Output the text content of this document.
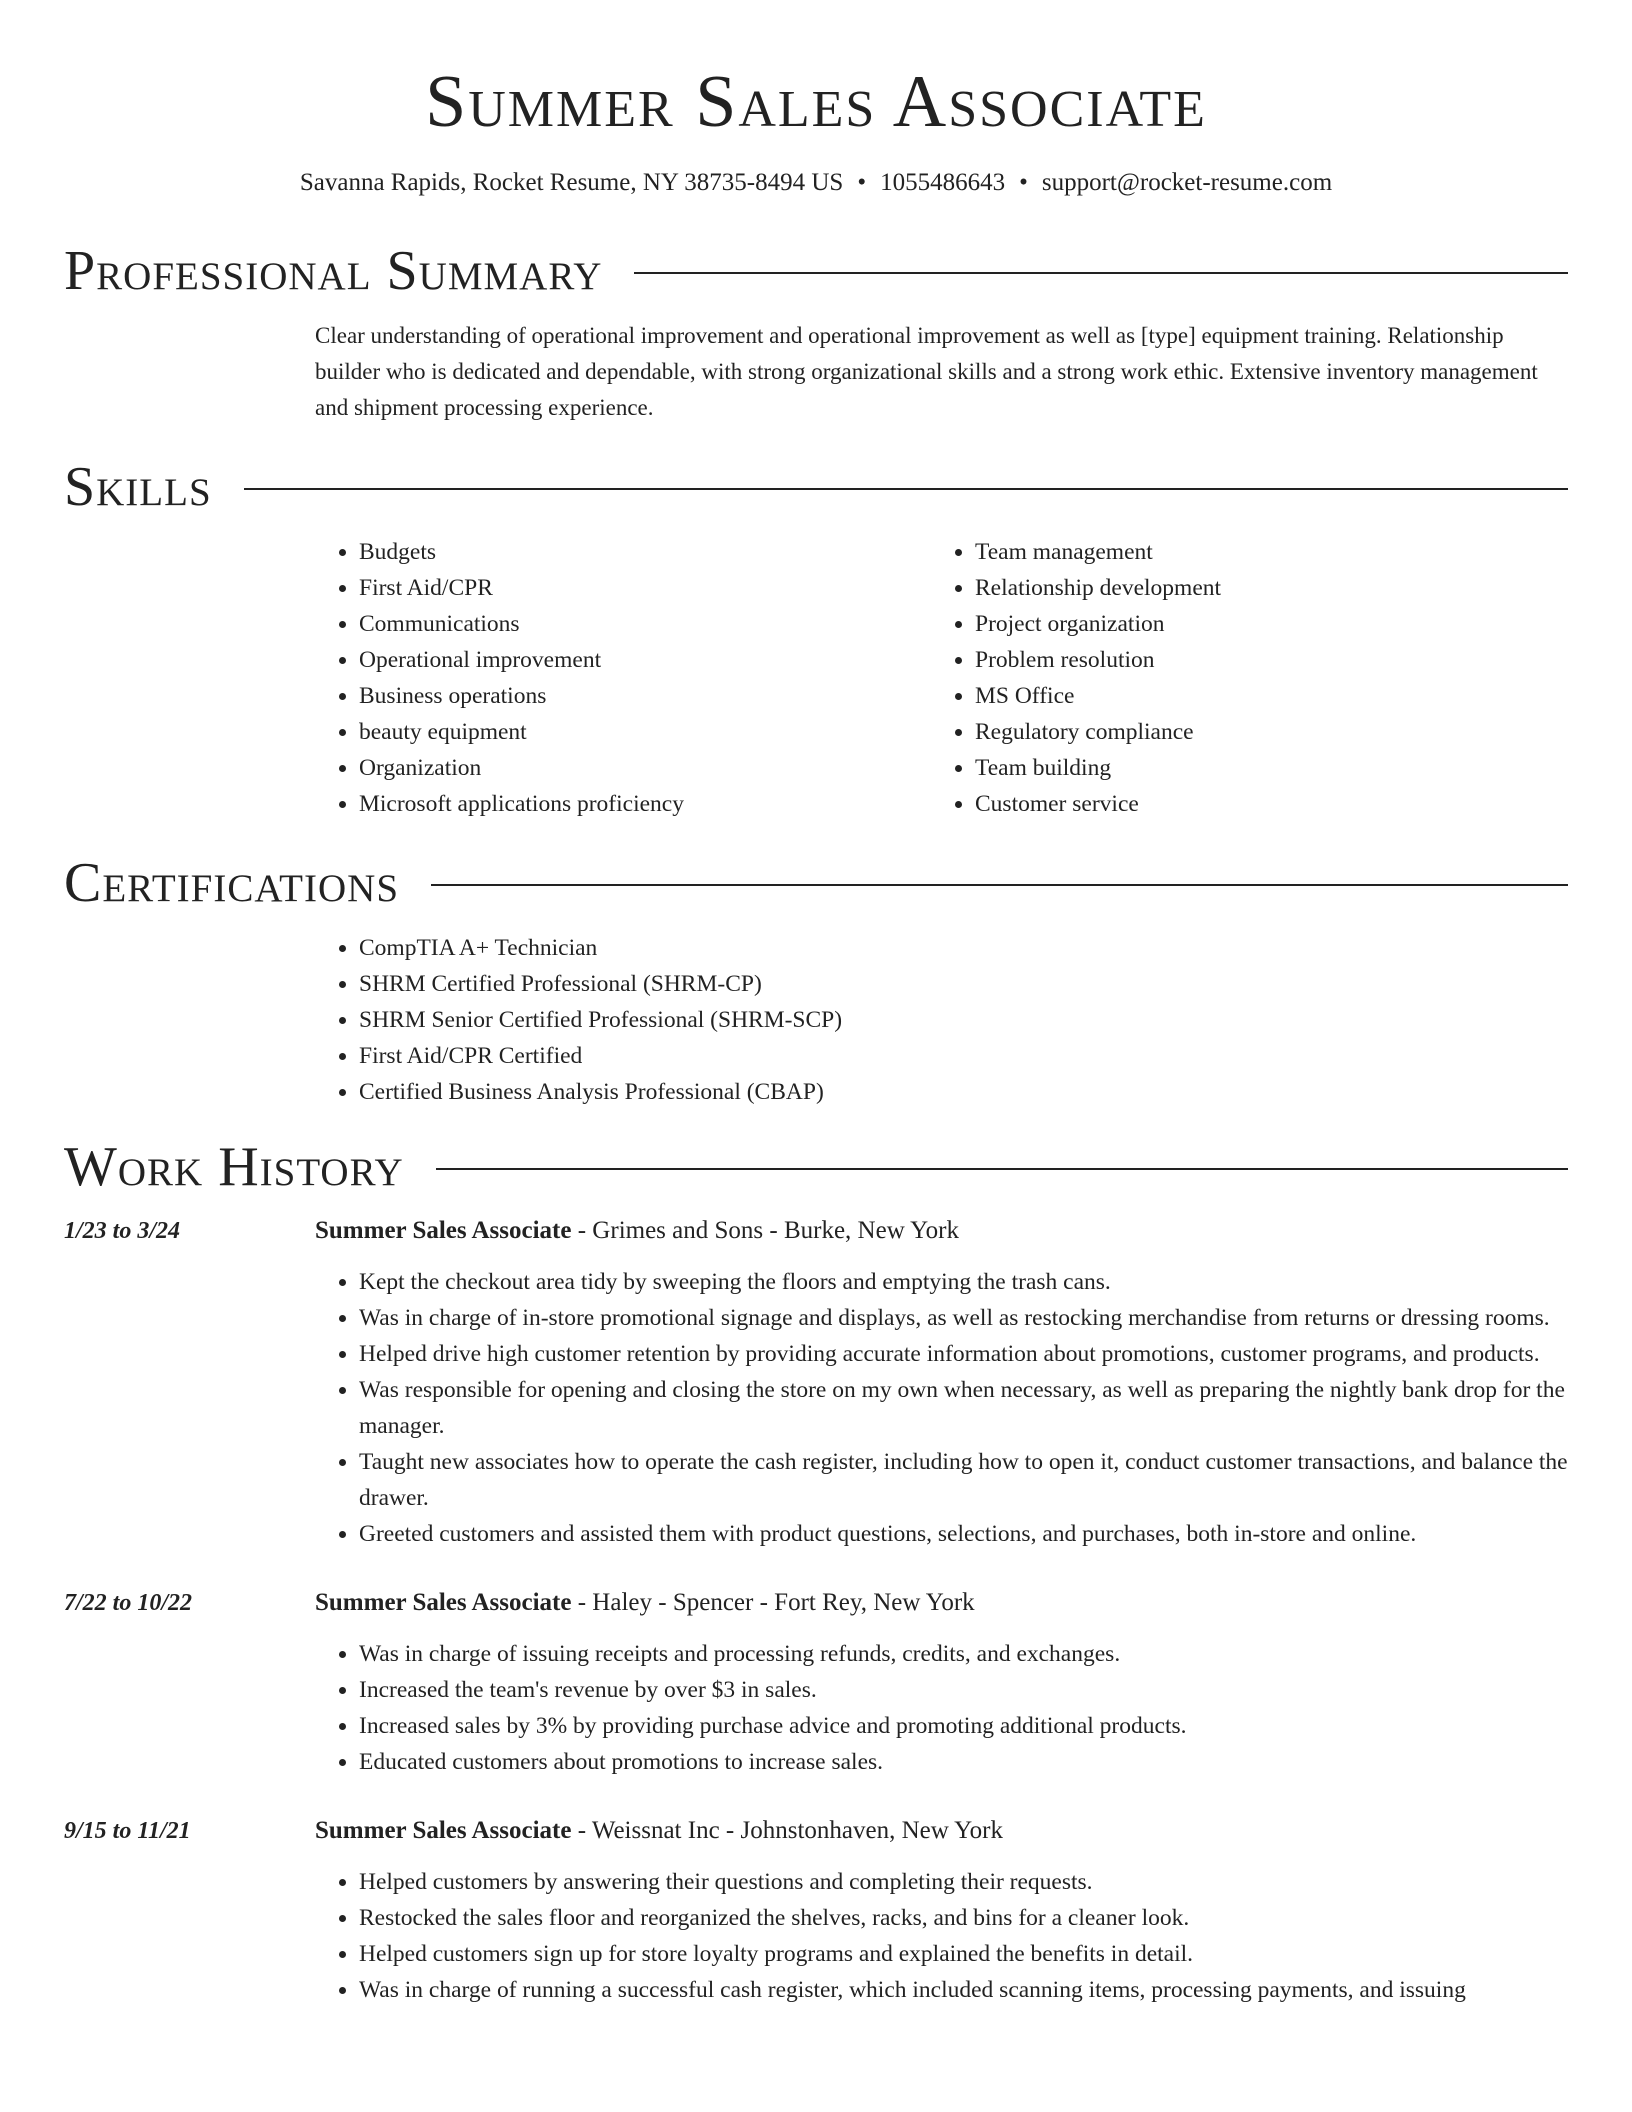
Summer Sales Associate
Savanna Rapids, Rocket Resume, NY 38735-8494 US • 1055486643 • support@rocket-resume.com
Professional Summary
Clear understanding of operational improvement and operational improvement as well as [type] equipment training. Relationship builder who is dedicated and dependable, with strong organizational skills and a strong work ethic. Extensive inventory management and shipment processing experience.
Skills
• Budgets
• First Aid/CPR
• Communications
• Operational improvement
• Business operations
• beauty equipment
• Organization
• Microsoft applications proficiency
• Team management
• Relationship development
• Project organization
• Problem resolution
• MS Office
• Regulatory compliance
• Team building
• Customer service
Certifications
• CompTIA A+ Technician
• SHRM Certified Professional (SHRM-CP)
• SHRM Senior Certified Professional (SHRM-SCP)
• First Aid/CPR Certified
• Certified Business Analysis Professional (CBAP)
Work History
1/23 to 3/24	Summer Sales Associate - Grimes and Sons - Burke, New York
• Kept the checkout area tidy by sweeping the floors and emptying the trash cans.
• Was in charge of in-store promotional signage and displays, as well as restocking merchandise from returns or dressing rooms.
• Helped drive high customer retention by providing accurate information about promotions, customer programs, and products.
• Was responsible for opening and closing the store on my own when necessary, as well as preparing the nightly bank drop for the manager.
• Taught new associates how to operate the cash register, including how to open it, conduct customer transactions, and balance the drawer.
• Greeted customers and assisted them with product questions, selections, and purchases, both in-store and online.
7/22 to 10/22	Summer Sales Associate - Haley - Spencer - Fort Rey, New York
• Was in charge of issuing receipts and processing refunds, credits, and exchanges.
• Increased the team's revenue by over $3 in sales.
• Increased sales by 3% by providing purchase advice and promoting additional products.
• Educated customers about promotions to increase sales.
9/15 to 11/21	Summer Sales Associate - Weissnat Inc - Johnstonhaven, New York
• Helped customers by answering their questions and completing their requests.
• Restocked the sales floor and reorganized the shelves, racks, and bins for a cleaner look.
• Helped customers sign up for store loyalty programs and explained the benefits in detail.
• Was in charge of running a successful cash register, which included scanning items, processing payments, and issuing
